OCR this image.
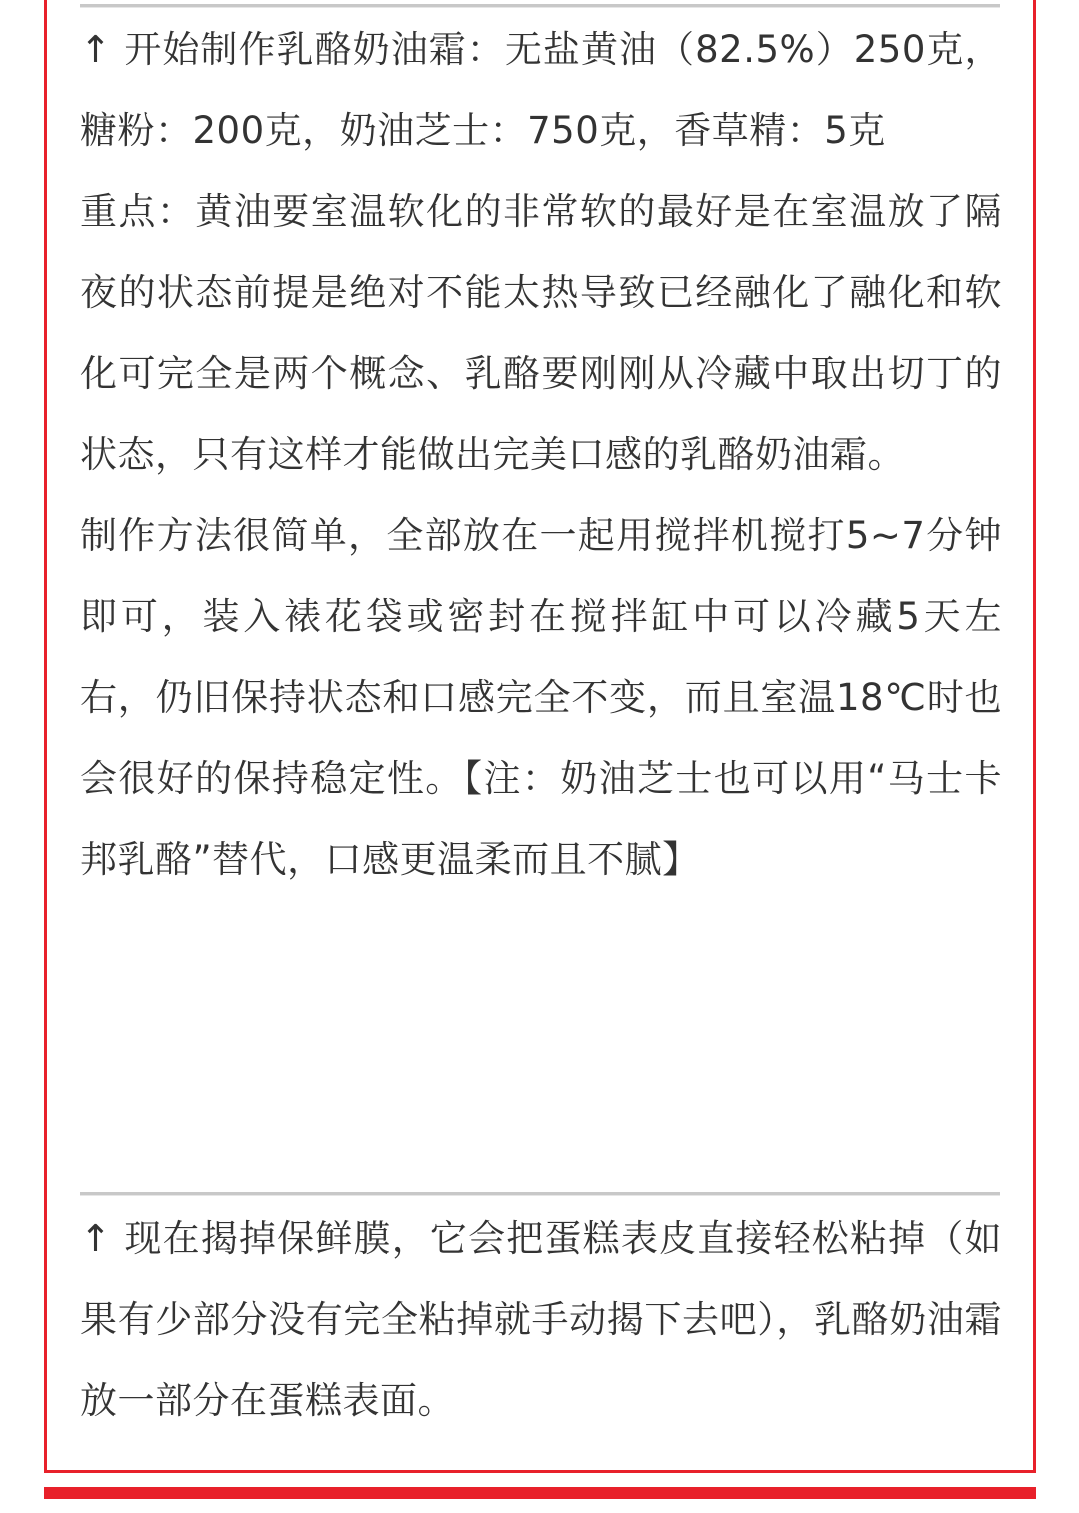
↑ 开始制作乳酪奶油霜：无盐黄油（82.5%）250克，糖粉：200克，奶油芝士：750克，香草精：5克

重点：黄油要室温软化的非常软的最好是在室温放了隔夜的状态前提是绝对不能太热导致已经融化了融化和软化可完全是两个概念、乳酪要刚刚从冷藏中取出切丁的状态，只有这样才能做出完美口感的乳酪奶油霜。

制作方法很简单，全部放在一起用搅拌机搅打5~7分钟即可，装入裱花袋或密封在搅拌缸中可以冷藏5天左右，仍旧保持状态和口感完全不变，而且室温18℃时也会很好的保持稳定性。【注：奶油芝士也可以用“马士卡邦乳酪”替代，口感更温柔而且不腻】

↑ 现在揭掉保鲜膜，它会把蛋糕表皮直接轻松粘掉（如果有少部分没有完全粘掉就手动揭下去吧），乳酪奶油霜放一部分在蛋糕表面。
